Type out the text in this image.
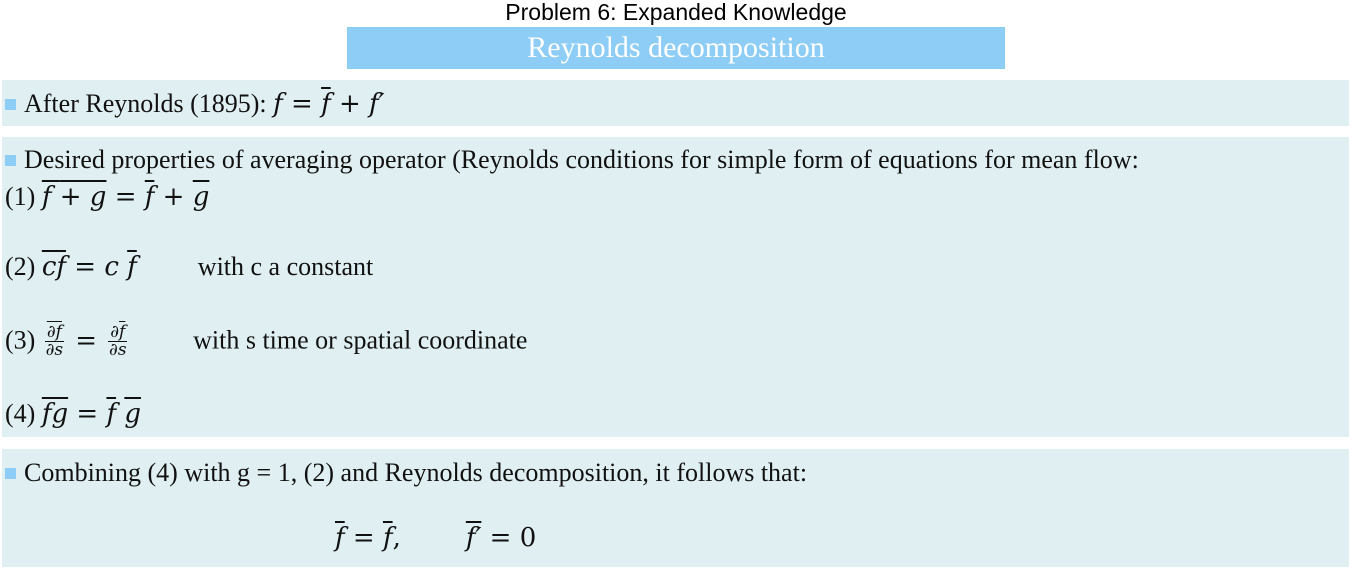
Problem 6: Expanded Knowledge
Reynolds decomposition
After Reynolds (1895): $f = \overline{f} + f'$
Desired properties of averaging operator (Reynolds conditions for simple form of equations for mean flow:
(1) $f + g = \overline{f} + \overline{g}$
(2) $\overline{cf} = c$ $\overline{f}$ with c a constant
$(3) \frac{\partial f}{\partial s} = \frac{\partial\overline{f}}{\partial s}$	with s time or spatial coordinate
(4) $\overline{fg} = \overline{f}$ $\overline{g}$
Combining (4) with g = 1, (2) and Reynolds decomposition, it follows that:
$f = \overline{f}$,	f′ = 0
